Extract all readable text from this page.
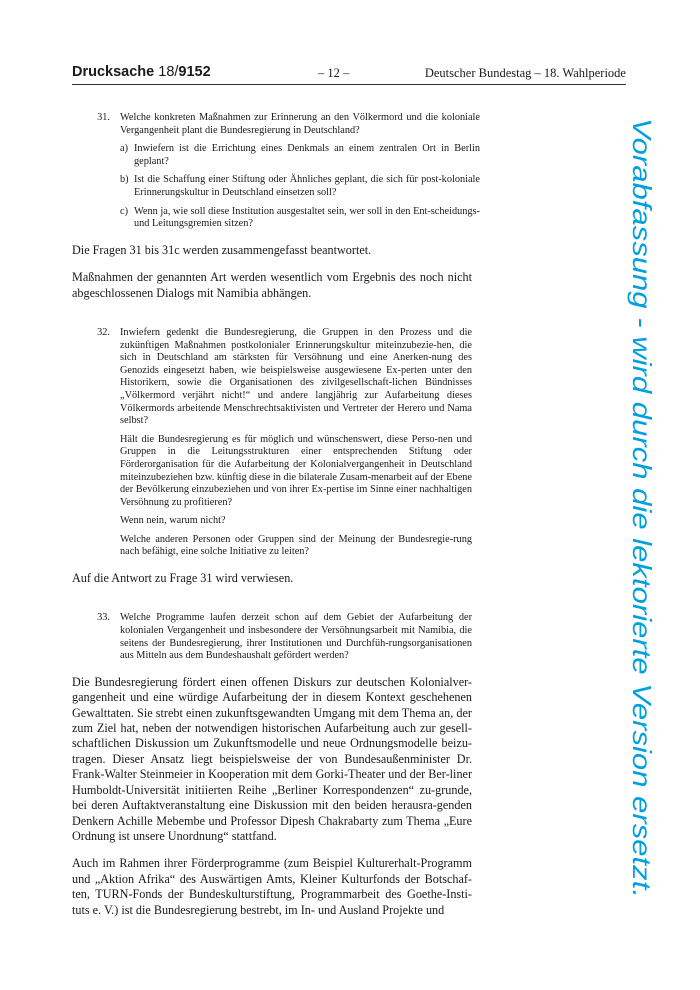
Drucksache 18/9152	– 12 –	Deutscher Bundestag – 18. Wahlperiode
Vorabfassung - wird durch die lektorierte Version ersetzt.
31. Welche konkreten Maßnahmen zur Erinnerung an den Völkermord und die koloniale Vergangenheit plant die Bundesregierung in Deutschland?

a) Inwiefern ist die Errichtung eines Denkmals an einem zentralen Ort in Berlin geplant?
b) Ist die Schaffung einer Stiftung oder Ähnliches geplant, die sich für post-koloniale Erinnerungskultur in Deutschland einsetzen soll?
c) Wenn ja, wie soll diese Institution ausgestaltet sein, wer soll in den Ent-scheidungs- und Leitungsgremien sitzen?
Die Fragen 31 bis 31c werden zusammengefasst beantwortet.
Maßnahmen der genannten Art werden wesentlich vom Ergebnis des noch nicht abgeschlossenen Dialogs mit Namibia abhängen.
32. Inwiefern gedenkt die Bundesregierung, die Gruppen in den Prozess und die zukünftigen Maßnahmen postkolonialer Erinnerungskultur miteinzubezie-hen, die sich in Deutschland am stärksten für Versöhnung und eine Anerken-nung des Genozids eingesetzt haben, wie beispielsweise ausgewiesene Ex-perten unter den Historikern, sowie die Organisationen des zivilgesellschaft-lichen Bündnisses „Völkermord verjährt nicht!“ und andere langjährig zur Aufarbeitung dieses Völkermords arbeitende Menschrechtsaktivisten und Vertreter der Herero und Nama selbst?

Hält die Bundesregierung es für möglich und wünschenswert, diese Perso-nen und Gruppen in die Leitungsstrukturen einer entsprechenden Stiftung oder Förderorganisation für die Aufarbeitung der Kolonialvergangenheit in Deutschland miteinzubeziehen bzw. künftig diese in die bilaterale Zusam-menarbeit auf der Ebene der Bevölkerung einzubeziehen und von ihrer Ex-pertise im Sinne einer nachhaltigen Versöhnung zu profitieren?

Wenn nein, warum nicht?

Welche anderen Personen oder Gruppen sind der Meinung der Bundesregie-rung nach befähigt, eine solche Initiative zu leiten?

Auf die Antwort zu Frage 31 wird verwiesen.
33. Welche Programme laufen derzeit schon auf dem Gebiet der Aufarbeitung der kolonialen Vergangenheit und insbesondere der Versöhnungsarbeit mit Namibia, die seitens der Bundesregierung, ihrer Institutionen und Durchfüh-rungsorganisationen aus Mitteln aus dem Bundeshaushalt gefördert werden?

Die Bundesregierung fördert einen offenen Diskurs zur deutschen Kolonialver-gangenheit und eine würdige Aufarbeitung der in diesem Kontext geschehenen Gewalttaten. Sie strebt einen zukunftsgewandten Umgang mit dem Thema an, der zum Ziel hat, neben der notwendigen historischen Aufarbeitung auch zur gesell-schaftlichen Diskussion um Zukunftsmodelle und neue Ordnungsmodelle beizu-tragen. Dieser Ansatz liegt beispielsweise der von Bundesaußenminister Dr. Frank-Walter Steinmeier in Kooperation mit dem Gorki-Theater und der Ber-liner Humboldt-Universität initiierten Reihe „Berliner Korrespondenzen“ zu-grunde, bei deren Auftaktveranstaltung eine Diskussion mit den beiden herausra-genden Denkern Achille Mebembe und Professor Dipesh Chakrabarty zum Thema „Eure Ordnung ist unsere Unordnung“ stattfand.
Auch im Rahmen ihrer Förderprogramme (zum Beispiel Kulturerhalt-Programm und „Aktion Afrika“ des Auswärtigen Amts, Kleiner Kulturfonds der Botschaf-ten, TURN-Fonds der Bundeskulturstiftung, Programmarbeit des Goethe-Insti-tuts e. V.) ist die Bundesregierung bestrebt, im In- und Ausland Projekte und
